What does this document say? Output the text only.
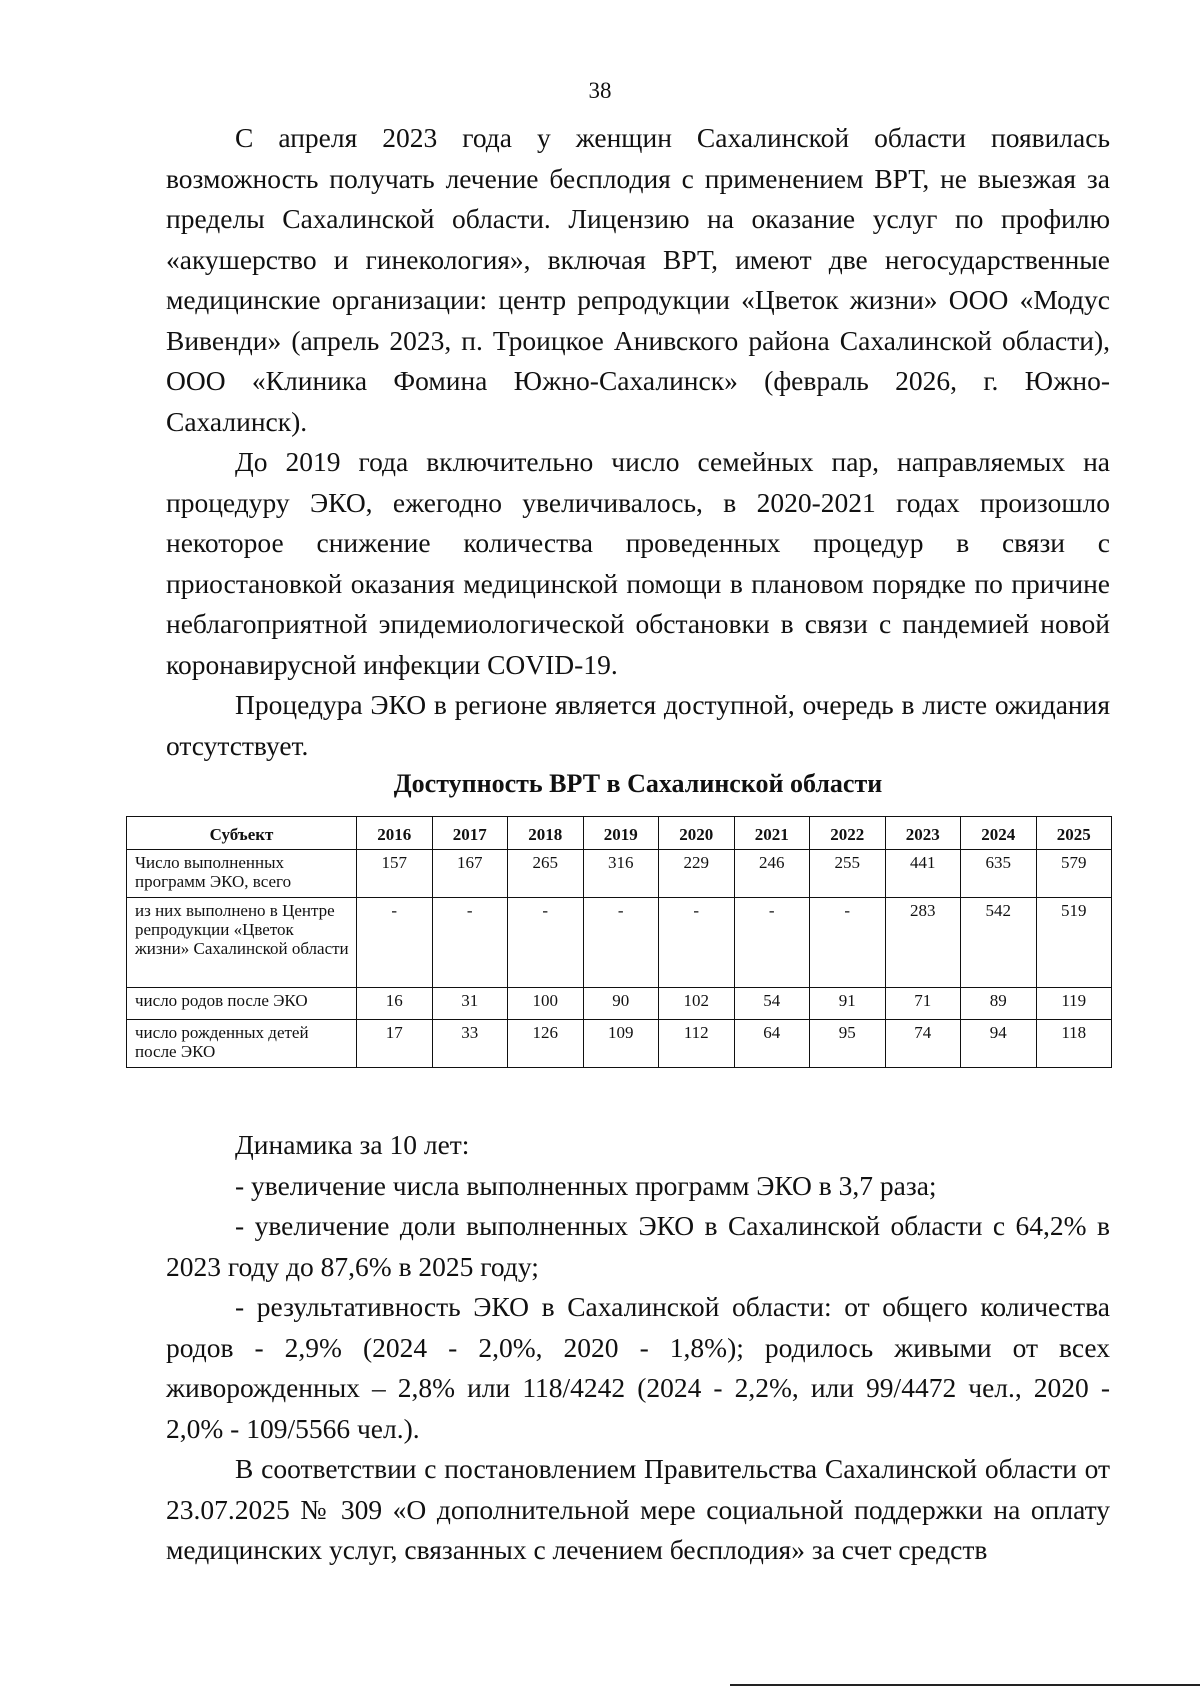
38

С апреля 2023 года у женщин Сахалинской области появилась возможность получать лечение бесплодия с применением ВРТ, не выезжая за пределы Сахалинской области. Лицензию на оказание услуг по профилю «акушерство и гинекология», включая ВРТ, имеют две негосударственные медицинские организации: центр репродукции «Цветок жизни» ООО «Модус Вивенди» (апрель 2023, п. Троицкое Анивского района Сахалинской области), ООО «Клиника Фомина Южно-Сахалинск» (февраль 2026, г. Южно-Сахалинск).

До 2019 года включительно число семейных пар, направляемых на процедуру ЭКО, ежегодно увеличивалось, в 2020-2021 годах произошло некоторое снижение количества проведенных процедур в связи с приостановкой оказания медицинской помощи в плановом порядке по причине неблагоприятной эпидемиологической обстановки в связи с пандемией новой коронавирусной инфекции COVID-19.

Процедура ЭКО в регионе является доступной, очередь в листе ожидания отсутствует.

Доступность ВРТ в Сахалинской области
Субъект	2016	2017	2018	2019	2020	2021	2022	2023	2024	2025
Число выполненных программ ЭКО, всего	157	167	265	316	229	246	255	441	635	579
из них выполнено в Центре репродукции «Цветок жизни» Сахалинской области	-	-	-	-	-	-	-	283	542	519
число родов после ЭКО	16	31	100	90	102	54	91	71	89	119
число рожденных детей после ЭКО	17	33	126	109	112	64	95	74	94	118

Динамика за 10 лет:

- увеличение числа выполненных программ ЭКО в 3,7 раза;

- увеличение доли выполненных ЭКО в Сахалинской области с 64,2% в 2023 году до 87,6% в 2025 году;

- результативность ЭКО в Сахалинской области: от общего количества родов - 2,9% (2024 - 2,0%, 2020 - 1,8%); родилось живыми от всех живорожденных – 2,8% или 118/4242 (2024 - 2,2%, или 99/4472 чел., 2020 - 2,0% - 109/5566 чел.).

В соответствии с постановлением Правительства Сахалинской области от 23.07.2025 № 309 «О дополнительной мере социальной поддержки на оплату медицинских услуг, связанных с лечением бесплодия» за счет средств
